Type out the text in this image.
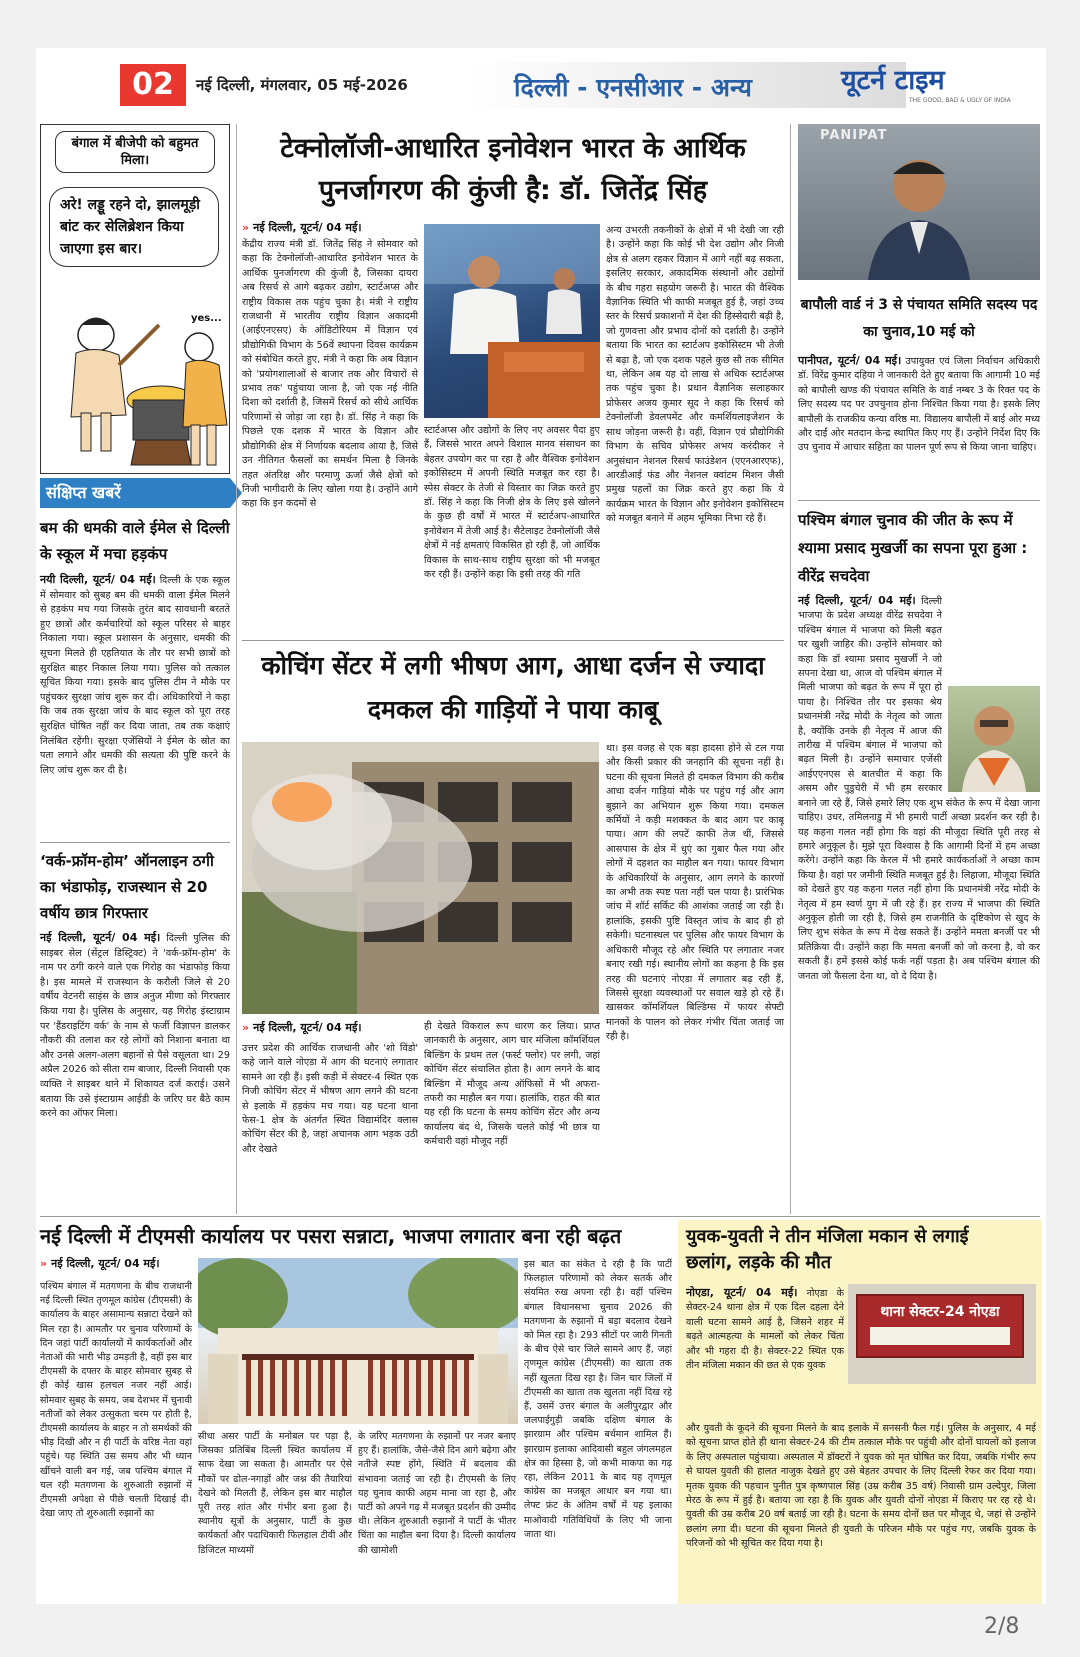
02	नई दिल्ली, मंगलवार, 05 मई-2026	दिल्ली - एनसीआर - अन्य	यूटर्न टाइम
THE GOOD, BAD & UGLY OF INDIA
बंगाल में बीजेपी को बहुमत मिला।
अरे! लड्डू रहने दो, झालमूड़ी बांट कर सेलिब्रेशन किया जाएगा इस बार।
yes...
संक्षिप्त खबरें
बम की धमकी वाले ईमेल से दिल्ली के स्कूल में मचा हड़कंप
नयी दिल्ली, यूटर्न/ 04 मई। दिल्ली के एक स्कूल में सोमवार को सुबह बम की धमकी वाला ईमेल मिलने से हड़कंप मच गया जिसके तुरंत बाद सावधानी बरतते हुए छात्रों और कर्मचारियों को स्कूल परिसर से बाहर निकाला गया। स्कूल प्रशासन के अनुसार, धमकी की सूचना मिलते ही एहतियात के तौर पर सभी छात्रों को सुरक्षित बाहर निकाल लिया गया। पुलिस को तत्काल सूचित किया गया। इसके बाद पुलिस टीम ने मौके पर पहुंचकर सुरक्षा जांच शुरू कर दी। अधिकारियों ने कहा कि जब तक सुरक्षा जांच के बाद स्कूल को पूरा तरह सुरक्षित घोषित नहीं कर दिया जाता, तब तक कक्षाएं निलंबित रहेंगी। सुरक्षा एजेंसियों ने ईमेल के स्रोत का पता लगाने और धमकी की सत्यता की पुष्टि करने के लिए जांच शुरू कर दी है।
‘वर्क-फ्रॉम-होम’ ऑनलाइन ठगी का भंडाफोड़, राजस्थान से 20 वर्षीय छात्र गिरफ्तार
नई दिल्ली, यूटर्न/ 04 मई। दिल्ली पुलिस की साइबर सेल (सेंट्रल डिस्ट्रिक्ट) ने 'वर्क-फ्रॉम-होम' के नाम पर ठगी करने वाले एक गिरोह का भंडाफोड़ किया है। इस मामले में राजस्थान के करौली जिले से 20 वर्षीय वेटनरी साइंस के छात्र अनुज मीणा को गिरफ्तार किया गया है। पुलिस के अनुसार, यह गिरोह इंस्टाग्राम पर 'हैंडराइटिंग वर्क' के नाम से फर्जी विज्ञापन डालकर नौकरी की तलाश कर रहे लोगों को निशाना बनाता था और उनसे अलग-अलग बहानों से पैसे वसूलता था। 29 अप्रैल 2026 को सीता राम बाजार, दिल्ली निवासी एक व्यक्ति ने साइबर थाने में शिकायत दर्ज कराई। उसने बताया कि उसे इंस्टाग्राम आईडी के जरिए घर बैठे काम करने का ऑफर मिला।
टेक्नोलॉजी-आधारित इनोवेशन भारत के आर्थिक पुनर्जागरण की कुंजी है: डॉ. जितेंद्र सिंह
» नई दिल्ली, यूटर्न/ 04 मई।
केंद्रीय राज्य मंत्री डॉ. जितेंद्र सिंह ने सोमवार को कहा कि टेक्नोलॉजी-आधारित इनोवेशन भारत के आर्थिक पुनर्जागरण की कुंजी है, जिसका दायरा अब रिसर्च से आगे बढ़कर उद्योग, स्टार्टअप्स और राष्ट्रीय विकास तक पहुंच चुका है। मंत्री ने राष्ट्रीय राजधानी में भारतीय राष्ट्रीय विज्ञान अकादमी (आईएनएसए) के ऑडिटोरियम में विज्ञान एवं प्रौद्योगिकी विभाग के 56वें स्थापना दिवस कार्यक्रम को संबोधित करते हुए, मंत्री ने कहा कि अब विज्ञान को 'प्रयोगशालाओं से बाजार तक और विचारों से प्रभाव तक' पहुंचाया जाना है, जो एक नई नीति दिशा को दर्शाती है, जिसमें रिसर्च को सीधे आर्थिक परिणामों से जोड़ा जा रहा है। डॉ. सिंह ने कहा कि पिछले एक दशक में भारत के विज्ञान और प्रौद्योगिकी क्षेत्र में निर्णायक बदलाव आया है, जिसे उन नीतिगत फैसलों का समर्थन मिला है जिनके तहत अंतरिक्ष और परमाणु ऊर्जा जैसे क्षेत्रों को निजी भागीदारी के लिए खोला गया है। उन्होंने आगे कहा कि इन कदमों से
स्टार्टअप्स और उद्योगों के लिए नए अवसर पैदा हुए हैं, जिससे भारत अपने विशाल मानव संसाधन का बेहतर उपयोग कर पा रहा है और वैश्विक इनोवेशन इकोसिस्टम में अपनी स्थिति मजबूत कर रहा है। स्पेस सेक्टर के तेजी से विस्तार का जिक्र करते हुए डॉ. सिंह ने कहा कि निजी क्षेत्र के लिए इसे खोलने के कुछ ही वर्षों में भारत में स्टार्टअप-आधारित इनोवेशन में तेजी आई है। सैटेलाइट टेक्नोलॉजी जैसे क्षेत्रों में नई क्षमताएं विकसित हो रही हैं, जो आर्थिक विकास के साथ-साथ राष्ट्रीय सुरक्षा को भी मजबूत कर रही हैं। उन्होंने कहा कि इसी तरह की गति
अन्य उभरती तकनीकों के क्षेत्रों में भी देखी जा रही है। उन्होंने कहा कि कोई भी देश उद्योग और निजी क्षेत्र से अलग रहकर विज्ञान में आगे नहीं बढ़ सकता, इसलिए सरकार, अकादमिक संस्थानों और उद्योगों के बीच गहरा सहयोग जरूरी है। भारत की वैश्विक वैज्ञानिक स्थिति भी काफी मजबूत हुई है, जहां उच्च स्तर के रिसर्च प्रकाशनों में देश की हिस्सेदारी बढ़ी है, जो गुणवत्ता और प्रभाव दोनों को दर्शाती है। उन्होंने बताया कि भारत का स्टार्टअप इकोसिस्टम भी तेजी से बढ़ा है, जो एक दशक पहले कुछ सौ तक सीमित था, लेकिन अब यह दो लाख से अधिक स्टार्टअप्स तक पहुंच चुका है। प्रधान वैज्ञानिक सलाहकार प्रोफेसर अजय कुमार सूद ने कहा कि रिसर्च को टेक्नोलॉजी डेवलपमेंट और कमर्शियलाइजेशन के साथ जोड़ना जरूरी है। वहीं, विज्ञान एवं प्रौद्योगिकी विभाग के सचिव प्रोफेसर अभय करंदीकर ने अनुसंधान नेशनल रिसर्च फाउंडेशन (एएनआरएफ), आरडीआई फंड और नेशनल क्वांटम मिशन जैसी प्रमुख पहलों का जिक्र करते हुए कहा कि ये कार्यक्रम भारत के विज्ञान और इनोवेशन इकोसिस्टम को मजबूत बनाने में अहम भूमिका निभा रहे हैं।
PANIPAT
बापौली वार्ड नं 3 से पंचायत समिति सदस्य पद का चुनाव,10 मई को
पानीपत, यूटर्न/ 04 मई। उपायुक्त एवं जिला निर्वाचन अधिकारी डॉ. विरेंद्र कुमार दहिया ने जानकारी देते हुए बताया कि आगामी 10 मई को बापौली खण्ड की पंचायत समिति के वार्ड नम्बर 3 के रिक्त पद के लिए सदस्य पद पर उपचुनाव होना निश्चित किया गया है। इसके लिए बापौली के राजकीय कन्या वरिष्ठ मा. विद्यालय बापौली में बाई ओर मध्य और दाईं ओर मतदान केन्द्र स्थापित किए गए हैं। उन्होंने निर्देश दिए कि उप चुनाव में आचार सहिता का पालन पूर्ण रूप से किया जाना चाहिए।
पश्चिम बंगाल चुनाव की जीत के रूप में श्यामा प्रसाद मुखर्जी का सपना पूरा हुआ : वीरेंद्र सचदेवा
नई दिल्ली, यूटर्न/ 04 मई। दिल्ली भाजपा के प्रदेश अध्यक्ष वीरेंद्र सचदेवा ने पश्चिम बंगाल में भाजपा को मिली बढ़त पर खुशी जाहिर की। उन्होंने सोमवार को कहा कि डॉ श्यामा प्रसाद मुखर्जी ने जो सपना देखा था, आज वो पश्चिम बंगाल में मिली भाजपा को बढ़त के रूप में पूरा हो पाया है। निश्चित तौर पर इसका श्रेय प्रधानमंत्री नरेंद्र मोदी के नेतृत्व को जाता है, क्योंकि उनके ही नेतृत्व में आज की तारीख में पश्चिम बंगाल में भाजपा को बढ़त मिली है। उन्होंने समाचार एजेंसी आईएएनएस से बातचीत में कहा कि असम और पुडुचेरी में भी हम सरकार बनाने जा रहे हैं, जिसे हमारे लिए एक शुभ संकेत के रूप में देखा जाना चाहिए। उधर, तमिलनाडु में भी हमारी पार्टी अच्छा प्रदर्शन कर रही है। यह कहना गलत नहीं होगा कि वहां की मौजूदा स्थिति पूरी तरह से हमारे अनुकूल है। मुझे पूरा विश्वास है कि आगामी दिनों में हम अच्छा करेंगे। उन्होंने कहा कि केरल में भी हमारे कार्यकर्ताओं ने अच्छा काम किया है। वहां पर जमीनी स्थिति मजबूत हुई है। लिहाजा, मौजूदा स्थिति को देखते हुए यह कहना गलत नहीं होगा कि प्रधानमंत्री नरेंद्र मोदी के नेतृत्व में हम स्वर्ण युग में जी रहे हैं। हर राज्य में भाजपा की स्थिति अनुकूल होती जा रही है, जिसे हम राजनीति के दृष्टिकोण से खुद के लिए शुभ संकेत के रूप में देख सकते हैं। उन्होंने ममता बनर्जी पर भी प्रतिक्रिया दी। उन्होंने कहा कि ममता बनर्जी को जो करना है, वो कर सकती हैं। हमें इससे कोई फर्क नहीं पड़ता है। अब पश्चिम बंगाल की जनता जो फैसला देना था, वो दे दिया है।
कोचिंग सेंटर में लगी भीषण आग, आधा दर्जन से ज्यादा दमकल की गाड़ियों ने पाया काबू
» नई दिल्ली, यूटर्न/ 04 मई।
उत्तर प्रदेश की आर्थिक राजधानी और 'शो विंडो' कहे जाने वाले नोएडा में आग की घटनाएं लगातार सामने आ रही हैं। इसी कड़ी में सेक्टर-4 स्थित एक निजी कोचिंग सेंटर में भीषण आग लगने की घटना से इलाके में हड़कंप मच गया। यह घटना थाना फेस-1 क्षेत्र के अंतर्गत स्थित विद्यामंदिर क्लास कोचिंग सेंटर की है, जहां अचानक आग भड़क उठी और देखते
ही देखते विकराल रूप धारण कर लिया। प्राप्त जानकारी के अनुसार, आग चार मंजिला कॉमर्शियल बिल्डिंग के प्रथम तल (फर्स्ट फ्लोर) पर लगी, जहां कोचिंग सेंटर संचालित होता है। आग लगने के बाद बिल्डिंग में मौजूद अन्य ऑफिसों में भी अफरा-तफरी का माहौल बन गया। हालांकि, राहत की बात यह रही कि घटना के समय कोचिंग सेंटर और अन्य कार्यालय बंद थे, जिसके चलते कोई भी छात्र या कर्मचारी वहां मौजूद नहीं
था। इस वजह से एक बड़ा हादसा होने से टल गया और किसी प्रकार की जनहानि की सूचना नहीं है। घटना की सूचना मिलते ही दमकल विभाग की करीब आधा दर्जन गाड़ियां मौके पर पहुंच गईं और आग बुझाने का अभियान शुरू किया गया। दमकल कर्मियों ने कड़ी मशक्कत के बाद आग पर काबू पाया। आग की लपटें काफी तेज थीं, जिससे आसपास के क्षेत्र में धुएं का गुबार फैल गया और लोगों में दहशत का माहौल बन गया। फायर विभाग के अधिकारियों के अनुसार, आग लगने के कारणों का अभी तक स्पष्ट पता नहीं चल पाया है। प्रारंभिक जांच में शॉर्ट सर्किट की आशंका जताई जा रही है। हालांकि, इसकी पुष्टि विस्तृत जांच के बाद ही हो सकेगी। घटनास्थल पर पुलिस और फायर विभाग के अधिकारी मौजूद रहे और स्थिति पर लगातार नजर बनाए रखी गई। स्थानीय लोगों का कहना है कि इस तरह की घटनाएं नोएडा में लगातार बढ़ रही हैं, जिससे सुरक्षा व्यवस्थाओं पर सवाल खड़े हो रहे हैं। खासकर कॉमर्शियल बिल्डिंग्स में फायर सेफ्टी मानकों के पालन को लेकर गंभीर चिंता जताई जा रही है।
नई दिल्ली में टीएमसी कार्यालय पर पसरा सन्नाटा, भाजपा लगातार बना रही बढ़त
» नई दिल्ली, यूटर्न/ 04 मई।
पश्चिम बंगाल में मतगणना के बीच राजधानी नई दिल्ली स्थित तृणमूल कांग्रेस (टीएमसी) के कार्यालय के बाहर असामान्य सन्नाटा देखने को मिल रहा है। आमतौर पर चुनाव परिणामों के दिन जहां पार्टी कार्यालयों में कार्यकर्ताओं और नेताओं की भारी भीड़ उमड़ती है, वहीं इस बार टीएमसी के दफ्तर के बाहर सोमवार सुबह से ही कोई खास हलचल नजर नहीं आई। सोमवार सुबह के समय, जब देशभर में चुनावी नतीजों को लेकर उत्सुकता चरम पर होती है, टीएमसी कार्यालय के बाहर न तो समर्थकों की भीड़ दिखी और न ही पार्टी के वरिष्ठ नेता वहां पहुंचे। यह स्थिति उस समय और भी ध्यान खींचने वाली बन गई, जब पश्चिम बंगाल में चल रही मतगणना के शुरुआती रुझानों में टीएमसी अपेक्षा से पीछे चलती दिखाई दी। देखा जाए तो शुरुआती रुझानों का
सीधा असर पार्टी के मनोबल पर पड़ा है, जिसका प्रतिबिंब दिल्ली स्थित कार्यालय में साफ देखा जा सकता है। आमतौर पर ऐसे मौकों पर ढोल-नगाड़ों और जश्न की तैयारियां देखने को मिलती हैं, लेकिन इस बार माहौल पूरी तरह शांत और गंभीर बना हुआ है। स्थानीय सूत्रों के अनुसार, पार्टी के कुछ कार्यकर्ता और पदाधिकारी फिलहाल टीवी और डिजिटल माध्यमों
के जरिए मतगणना के रुझानों पर नजर बनाए हुए हैं। हालांकि, जैसे-जैसे दिन आगे बढ़ेगा और नतीजे स्पष्ट होंगे, स्थिति में बदलाव की संभावना जताई जा रही है। टीएमसी के लिए यह चुनाव काफी अहम माना जा रहा है, और पार्टी को अपने गढ़ में मजबूत प्रदर्शन की उम्मीद थी। लेकिन शुरुआती रुझानों ने पार्टी के भीतर चिंता का माहौल बना दिया है। दिल्ली कार्यालय की खामोशी
इस बात का संकेत दे रही है कि पार्टी फिलहाल परिणामों को लेकर सतर्क और संयमित रुख अपना रही है। वहीं पश्चिम बंगाल विधानसभा चुनाव 2026 की मतगणना के रुझानों में बड़ा बदलाव देखने को मिल रहा है। 293 सीटों पर जारी गिनती के बीच ऐसे चार जिले सामने आए हैं, जहां तृणमूल कांग्रेस (टीएमसी) का खाता तक नहीं खुलता दिख रहा है। जिन चार जिलों में टीएमसी का खाता तक खुलता नहीं दिख रहे हैं, उसमें उत्तर बंगाल के अलीपुरद्वार और जलपाईगुड़ी जबकि दक्षिण बंगाल के झारग्राम और पश्चिम बर्धमान शामिल हैं। झारग्राम इलाका आदिवासी बहुल जंगलमहल क्षेत्र का हिस्सा है, जो कभी माकपा का गढ़ रहा, लेकिन 2011 के बाद यह तृणमूल कांग्रेस का मजबूत आधार बन गया था। लेफ्ट फ्रंट के अंतिम वर्षों में यह इलाका माओवादी गतिविधियों के लिए भी जाना जाता था।
युवक-युवती ने तीन मंजिला मकान से लगाई छलांग, लड़के की मौत
थाना सेक्टर-24 नोएडा
नोएडा, यूटर्न/ 04 मई। नोएडा के सेक्टर-24 थाना क्षेत्र में एक दिल दहला देने वाली घटना सामने आई है, जिसने शहर में बढ़ते आत्महत्या के मामलों को लेकर चिंता और भी गहरा दी है। सेक्टर-22 स्थित एक तीन मंजिला मकान की छत से एक युवक
और युवती के कूदने की सूचना मिलने के बाद इलाके में सनसनी फैल गई। पुलिस के अनुसार, 4 मई को सूचना प्राप्त होते ही थाना सेक्टर-24 की टीम तत्काल मौके पर पहुंची और दोनों घायलों को इलाज के लिए अस्पताल पहुंचाया। अस्पताल में डॉक्टरों ने युवक को मृत घोषित कर दिया, जबकि गंभीर रूप से घायल युवती की हालत नाजुक देखते हुए उसे बेहतर उपचार के लिए दिल्ली रेफर कर दिया गया। मृतक युवक की पहचान पुनीत पुत्र कृष्णपाल सिंह (उम्र करीब 35 वर्ष) निवासी ग्राम उल्देपुर, जिला मेरठ के रूप में हुई है। बताया जा रहा है कि युवक और युवती दोनों नोएडा में किराए पर रह रहे थे। युवती की उम्र करीब 20 वर्ष बताई जा रही है। घटना के समय दोनों छत पर मौजूद थे, जहां से उन्होंने छलांग लगा दी। घटना की सूचना मिलते ही युवती के परिजन मौके पर पहुंच गए, जबकि युवक के परिजनों को भी सूचित कर दिया गया है।
2/8
